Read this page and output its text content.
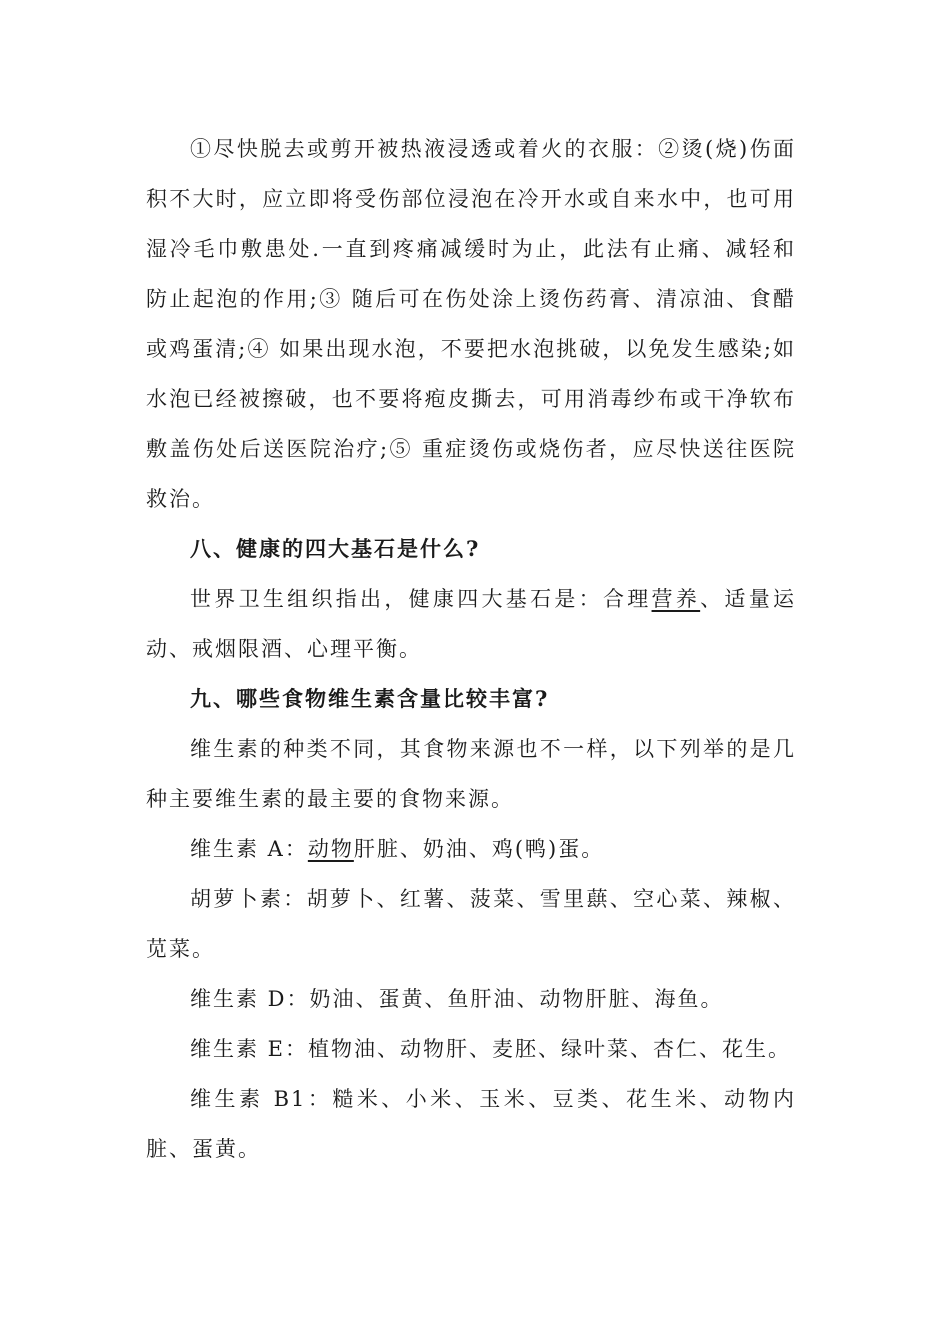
①尽快脱去或剪开被热液浸透或着火的衣服：②烫(烧)伤面积不大时，应立即将受伤部位浸泡在冷开水或自来水中，也可用湿冷毛巾敷患处.一直到疼痛减缓时为止，此法有止痛、减轻和防止起泡的作用;③ 随后可在伤处涂上烫伤药膏、清凉油、食醋或鸡蛋清;④ 如果出现水泡，不要把水泡挑破，以免发生感染;如水泡已经被擦破，也不要将疱皮撕去，可用消毒纱布或干净软布敷盖伤处后送医院治疗;⑤ 重症烫伤或烧伤者，应尽快送往医院救治。

八、健康的四大基石是什么?

世界卫生组织指出，健康四大基石是：合理营养、适量运动、戒烟限酒、心理平衡。

九、哪些食物维生素含量比较丰富?

维生素的种类不同，其食物来源也不一样，以下列举的是几种主要维生素的最主要的食物来源。

维生素 A：动物肝脏、奶油、鸡(鸭)蛋。

胡萝卜素：胡萝卜、红薯、菠菜、雪里蕻、空心菜、辣椒、苋菜。

维生素 D：奶油、蛋黄、鱼肝油、动物肝脏、海鱼。

维生素 E：植物油、动物肝、麦胚、绿叶菜、杏仁、花生。

维生素 B1：糙米、小米、玉米、豆类、花生米、动物内脏、蛋黄。
